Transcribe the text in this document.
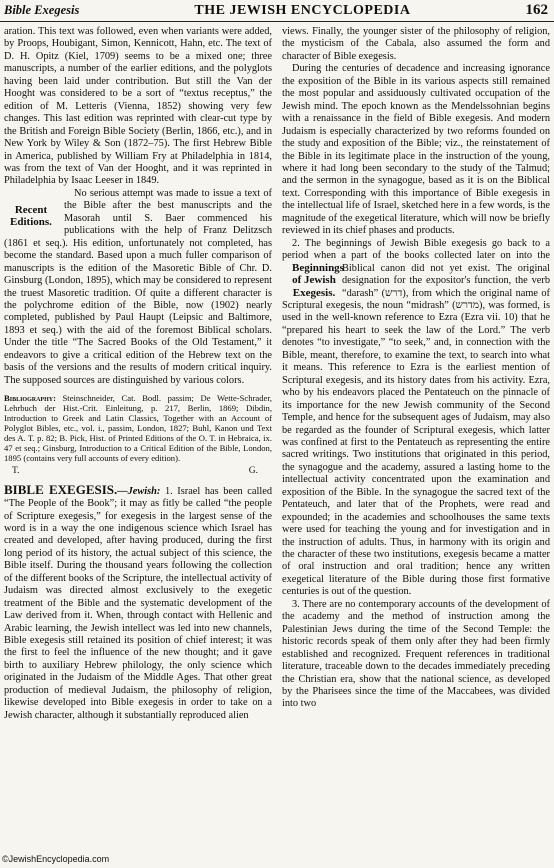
Bible Exegesis	THE JEWISH ENCYCLOPEDIA	162

aration. This text was followed, even when variants were added, by Proops, Houbigant, Simon, Kennicott, Hahn, etc. The text of D. H. Opitz (Kiel, 1709) seems to be a mixed one; three manuscripts, a number of the earlier editions, and the polyglots having been laid under contribution. But still the Van der Hooght was considered to be a sort of “textus receptus,” the edition of M. Letteris (Vienna, 1852) showing very few changes. This last edition was reprinted with clear-cut type by the British and Foreign Bible Society (Berlin, 1866, etc.), and in New York by Wiley & Son (1872–75). The first Hebrew Bible in America, published by William Fry at Philadelphia in 1814, was from the text of Van der Hooght, and it was reprinted in Philadelphia by Isaac Leeser in 1849.

Recent
Editions.

No serious attempt was made to issue a text of the Bible after the best manuscripts and the Masorah until S. Baer commenced his publications with the help of Franz Delitzsch (1861 et seq.). His edition, unfortunately not completed, has become the standard. Based upon a much fuller comparison of manuscripts is the edition of the Masoretic Bible of Chr. D. Ginsburg (London, 1895), which may be considered to represent the truest Masoretic tradition. Of quite a different character is the polychrome edition of the Bible, now (1902) nearly completed, published by Paul Haupt (Leipsic and Baltimore, 1893 et seq.) with the aid of the foremost Biblical scholars. Under the title “The Sacred Books of the Old Testament,” it endeavors to give a critical edition of the Hebrew text on the basis of the versions and the results of modern critical inquiry. The supposed sources are distinguished by various colors.

Bibliography: Steinschneider, Cat. Bodl. passim; De Wette-Schrader, Lehrbuch der Hist.-Crit. Einleitung, p. 217, Berlin, 1869; Dibdin, Introduction to Greek and Latin Classics, Together with an Account of Polyglot Bibles, etc., vol. i., passim, London, 1827; Buhl, Kanon und Text des A. T. p. 82; B. Pick, Hist. of Printed Editions of the O. T. in Hebraica, ix. 47 et seq.; Ginsburg, Introduction to a Critical Edition of the Bible, London, 1895 (contains very full accounts of every edition).
T.	G.

BIBLE EXEGESIS.—Jewish: 1. Israel has been called “The People of the Book”; it may as fitly be called “the people of Scripture exegesis,” for exegesis in the largest sense of the word is in a way the one indigenous science which Israel has created and developed, after having produced, during the first long period of its history, the actual subject of this science, the Bible itself. During the thousand years following the collection of the different books of the Scripture, the intellectual activity of Judaism was directed almost exclusively to the exegetic treatment of the Bible and the systematic development of the Law derived from it. When, through contact with Hellenic and Arabic learning, the Jewish intellect was led into new channels, Bible exegesis still retained its position of chief interest; it was the first to feel the influence of the new thought; and it gave birth to auxiliary Hebrew philology, the only science which originated in the Judaism of the Middle Ages. That other great production of medieval Judaism, the philosophy of religion, likewise developed into Bible exegesis in order to take on a Jewish character, although it substantially reproduced alien

views. Finally, the younger sister of the philosophy of religion, the mysticism of the Cabala, also assumed the form and character of Bible exegesis.

During the centuries of decadence and increasing ignorance the exposition of the Bible in its various aspects still remained the most popular and assiduously cultivated occupation of the Jewish mind. The epoch known as the Mendelssohnian begins with a renaissance in the field of Bible exegesis. And modern Judaism is especially characterized by two reforms founded on the study and exposition of the Bible; viz., the reinstatement of the Bible in its legitimate place in the instruction of the young, where it had long been secondary to the study of the Talmud; and the sermon in the synagogue, based as it is on the Biblical text. Corresponding with this importance of Bible exegesis in the intellectual life of Israel, sketched here in a few words, is the magnitude of the exegetical literature, which will now be briefly reviewed in its chief phases and products.

2. The beginnings of Jewish Bible exegesis go back to a period when a part of the books collected later on into the Biblical canon did not yet exist.
Beginnings
of Jewish
Exegesis.
The original designation for the expositor's function, the verb “darash” (דרש), from which the original name of Scriptural exegesis, the noun “midrash” (מדרש), was formed, is used in the well-known reference to Ezra (Ezra vii. 10) that he “prepared his heart to seek the law of the Lord.” The verb denotes “to investigate,” “to seek,” and, in connection with the Bible, meant, therefore, to examine the text, to search into what it means. This reference to Ezra is the earliest mention of Scriptural exegesis, and its history dates from his activity. Ezra, who by his endeavors placed the Pentateuch on the pinnacle of its importance for the new Jewish community of the Second Temple, and hence for the subsequent ages of Judaism, may also be regarded as the founder of Scriptural exegesis, which latter was confined at first to the Pentateuch as representing the entire sacred writings. Two institutions that originated in this period, the synagogue and the academy, assured a lasting home to the intellectual activity concentrated upon the examination and exposition of the Bible. In the synagogue the sacred text of the Pentateuch, and later that of the Prophets, were read and expounded; in the academies and schoolhouses the same texts were used for teaching the young and for investigation and in the instruction of adults. Thus, in harmony with its origin and the character of these two institutions, exegesis became a matter of oral instruction and oral tradition; hence any written exegetical literature of the Bible during those first formative centuries is out of the question.

3. There are no contemporary accounts of the development of the academy and the method of instruction among the Palestinian Jews during the time of the Second Temple: the historic records speak of them only after they had been firmly established and recognized. Frequent references in traditional literature, traceable down to the decades immediately preceding the Christian era, show that the national science, as developed by the Pharisees since the time of the Maccabees, was divided into two

©JewishEncyclopedia.com
